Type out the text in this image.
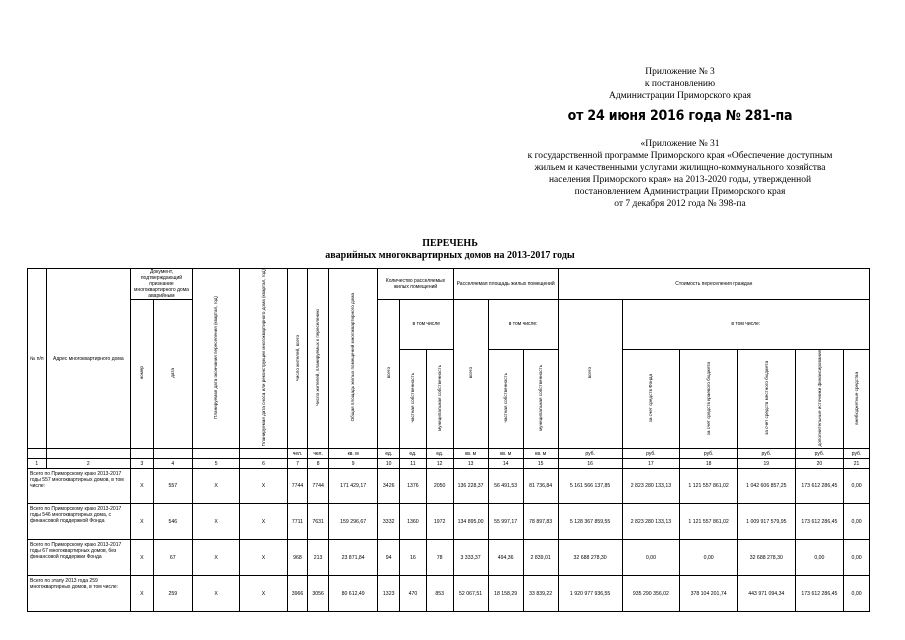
Приложение № 3
к постановлению
Администрации Приморского края
от 24 июня 2016 года № 281-па
«Приложение № 31
к государственной программе Приморского края «Обеспечение доступным
жильем и качественными услугами жилищно-коммунального хозяйства
населения Приморского края» на 2013-2020 годы, утвержденной
постановлением Администрации Приморского края
от 7 декабря 2012 года № 398-па
ПЕРЕЧЕНЬ
аварийных многоквартирных домов на 2013-2017 годы
№ п/п	Адрес многоквартирного дома	Документ, подтверждающий признание многоквартирного дома аварийным		Планируемая дата окончания переселения (квартал, год)	Планируемая дата сноса или реконструкции многоквартирного дома (квартал, год)	Число жителей, всего	Число жителей, планируемых к переселению	Общая площадь жилых помещений многоквартирного дома	Количество расселяемых жилых помещений			Расселяемая площадь жилых помещений			Стоимость переселения граждан					
		номер	дата						всего	в том числе		всего	в том числе:		всего	в том числе:				
										частная собственность	муниципальная собственность		частная собственность	муниципальная собственность		за счет средств Фонда	за счет средств краевого бюджета	за счет средств местного бюджета	дополнительные источники финансирования	внебюджетные средства
						чел.	чел.	кв. м	ед.	ед.	ед.	кв. м	кв. м	кв. м	руб.	руб.	руб.	руб.	руб.	руб.
1	2	3	4	5	6	7	8	9	10	11	12	13	14	15	16	17	18	19	20	21
Всего по Приморскому краю 2013-2017 годы 557 многоквартирных домов, в том числе:		X	557	X	X	7744	7744	171 429,17	3426	1376	2050	136 228,37	56 491,53	81 736,84	5 161 566 137,85	2 823 280 133,13	1 121 557 861,02	1 042 606 857,25	173 612 286,45	0,00
Всего по Приморскому краю 2013-2017 годы 546 многоквартирных дома, с финансовой поддержкой Фонда		X	546	X	X	7711	7631	159 296,67	3332	1360	1972	134 895,00	55 997,17	78 897,83	5 128 367 859,55	2 823 280 133,13	1 121 557 861,02	1 009 917 579,95	173 612 286,45	0,00
Всего по Приморскому краю 2013-2017 годы 67 многоквартирных домов, без финансовой поддержки Фонда		X	67	X	X	968	213	23 871,84	94	16	78	3 333,37	494,36	2 839,01	32 688 278,30	0,00	0,00	32 688 278,30	0,00	0,00
Всего по этапу 2013 года 259 многоквартирных домов, в том числе:		X	259	X	X	3966	3056	80 612,49	1323	470	853	52 067,51	18 158,29	33 839,22	1 920 977 936,55	935 290 356,02	378 104 201,74	443 971 094,34	173 612 286,45	0,00
